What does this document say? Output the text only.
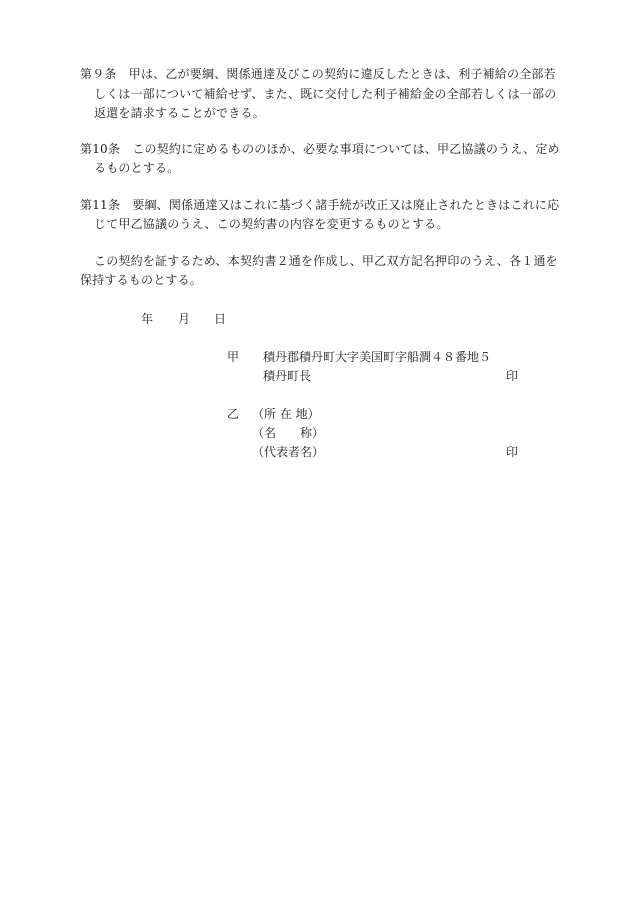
第９条　甲は、乙が要綱、関係通達及びこの契約に違反したときは、利子補給の全部若
しくは一部について補給せず、また、既に交付した利子補給金の全部若しくは一部の
返還を請求することができる。
第10条　この契約に定めるもののほか、必要な事項については、甲乙協議のうえ、定め
るものとする。
第11条　要綱、関係通達又はこれに基づく諸手続が改正又は廃止されたときはこれに応
じて甲乙協議のうえ、この契約書の内容を変更するものとする。
この契約を証するため、本契約書２通を作成し、甲乙双方記名押印のうえ、各１通を
保持するものとする。
年 月 日
甲 積丹郡積丹町大字美国町字船澗４８番地５
積丹町長	印
乙 （所 在 地）
（名　　称）
（代表者名）	印
